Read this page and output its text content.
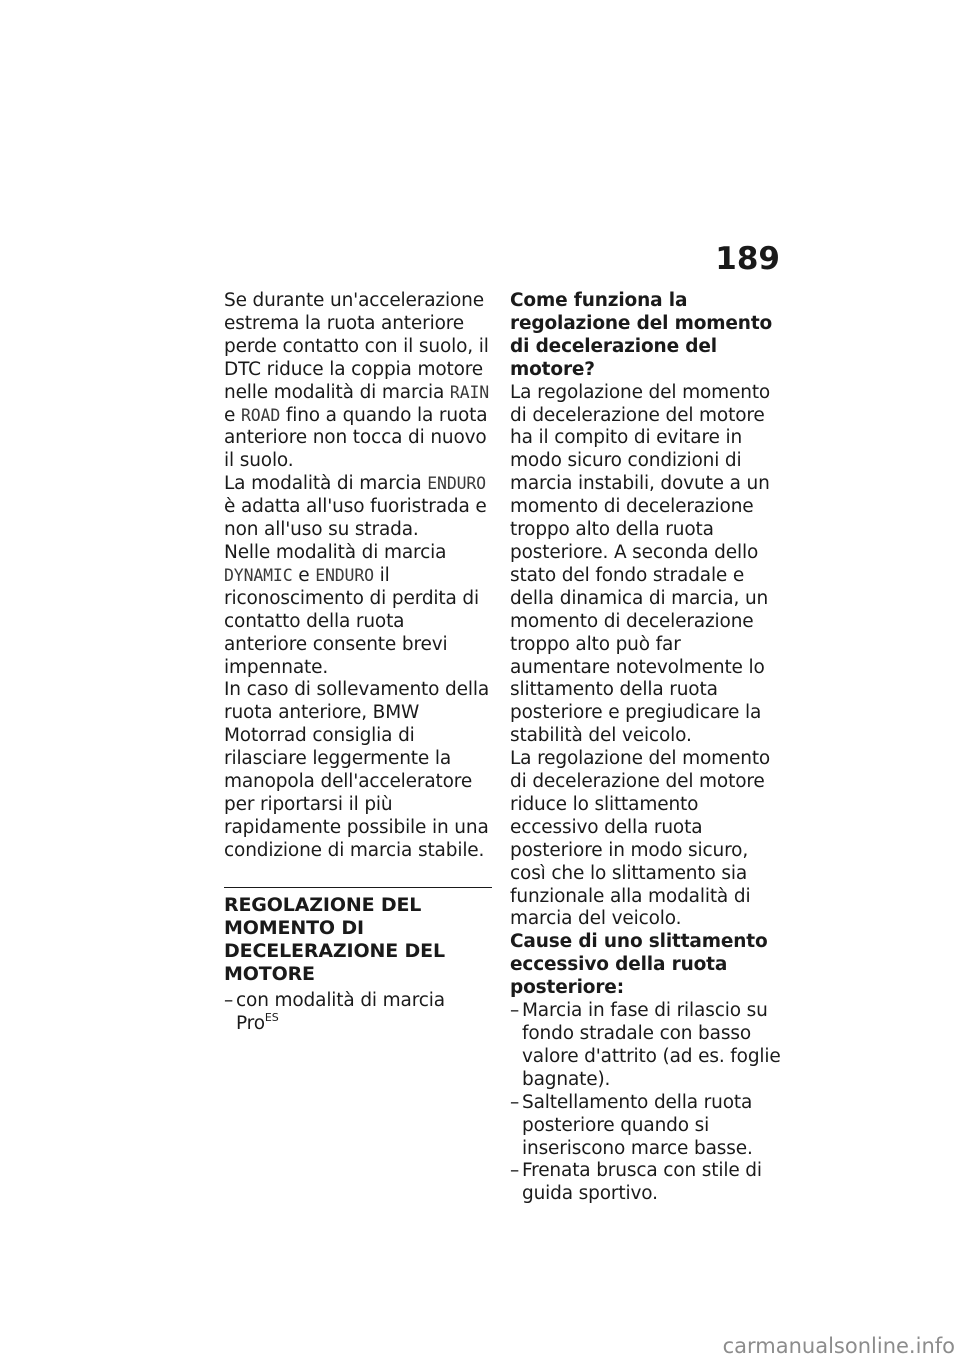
189

Se durante un'accelerazione estrema la ruota anteriore perde contatto con il suolo, il DTC riduce la coppia motore nelle modalità di marcia RAIN e ROAD fino a quando la ruota anteriore non tocca di nuovo il suolo.

La modalità di marcia ENDURO è adatta all'uso fuoristrada e non all'uso su strada.

Nelle modalità di marcia DYNAMIC e ENDURO il riconoscimento di perdita di contatto della ruota anteriore consente brevi impennate.

In caso di sollevamento della ruota anteriore, BMW Motorrad consiglia di rilasciare leggermente la manopola dell'acceleratore per riportarsi il più rapidamente possibile in una condizione di marcia stabile.

REGOLAZIONE DEL MOMENTO DI DECELERAZIONE DEL MOTORE
– con modalità di marcia Pro$^{ES}$
Come funziona la regolazione del momento di decelerazione del motore?

La regolazione del momento di decelerazione del motore ha il compito di evitare in modo sicuro condizioni di marcia instabili, dovute a un momento di decelerazione troppo alto della ruota posteriore. A seconda dello stato del fondo stradale e della dinamica di marcia, un momento di decelerazione troppo alto può far aumentare notevolmente lo slittamento della ruota posteriore e pregiudicare la stabilità del veicolo.

La regolazione del momento di decelerazione del motore riduce lo slittamento eccessivo della ruota posteriore in modo sicuro, così che lo slittamento sia funzionale alla modalità di marcia del veicolo.

Cause di uno slittamento eccessivo della ruota posteriore:
– Marcia in fase di rilascio su fondo stradale con basso valore d'attrito (ad es. foglie bagnate).
– Saltellamento della ruota posteriore quando si inseriscono marce basse.
– Frenata brusca con stile di guida sportivo.
carmanualsonline.info
